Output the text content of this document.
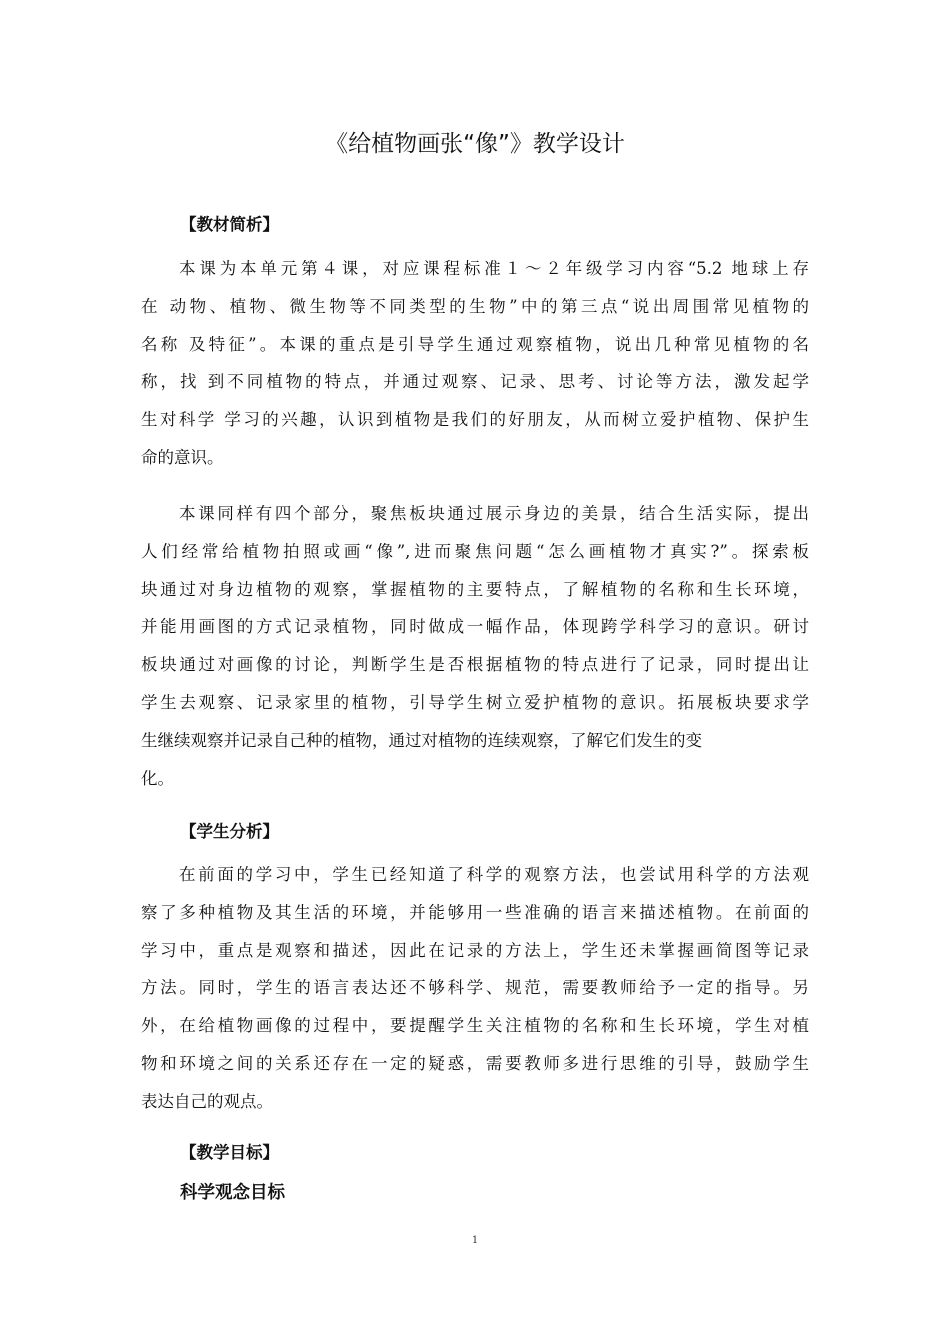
《给植物画张“像”》教学设计
【教材简析】
本课为本单元第４课，对应课程标准１～２年级学习内容“5.2 地球上存
在 动物、植物、微生物等不同类型的生物”中的第三点“说出周围常见植物的
名称 及特征”。本课的重点是引导学生通过观察植物，说出几种常见植物的名
称，找 到不同植物的特点，并通过观察、记录、思考、讨论等方法，激发起学
生对科学 学习的兴趣，认识到植物是我们的好朋友，从而树立爱护植物、保护生
命的意识。
本课同样有四个部分，聚焦板块通过展示身边的美景，结合生活实际，提出
人们经常给植物拍照或画“像”,进而聚焦问题“怎么画植物才真实?”。探索板
块通过对身边植物的观察，掌握植物的主要特点，了解植物的名称和生长环境，
并能用画图的方式记录植物，同时做成一幅作品，体现跨学科学习的意识。研讨
板块通过对画像的讨论，判断学生是否根据植物的特点进行了记录，同时提出让
学生去观察、记录家里的植物，引导学生树立爱护植物的意识。拓展板块要求学
生继续观察并记录自己种的植物，通过对植物的连续观察，了解它们发生的变
化。
【学生分析】
在前面的学习中，学生已经知道了科学的观察方法，也尝试用科学的方法观
察了多种植物及其生活的环境，并能够用一些准确的语言来描述植物。在前面的
学习中，重点是观察和描述，因此在记录的方法上，学生还未掌握画简图等记录
方法。同时，学生的语言表达还不够科学、规范，需要教师给予一定的指导。另
外，在给植物画像的过程中，要提醒学生关注植物的名称和生长环境，学生对植
物和环境之间的关系还存在一定的疑惑，需要教师多进行思维的引导，鼓励学生
表达自己的观点。
【教学目标】
科学观念目标
1
